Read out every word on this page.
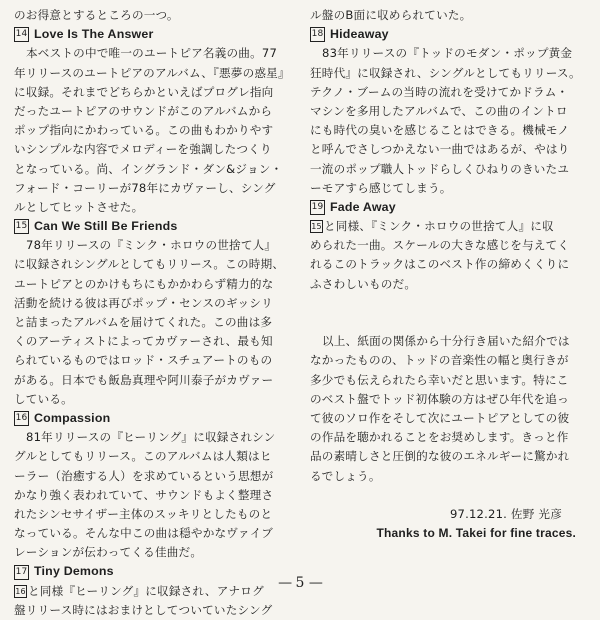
のお得意とするところの一つ。
14 Love Is The Answer
本ベストの中で唯一のユートピア名義の曲。77
年リリースのユートピアのアルバム、『悪夢の惑星』
に収録。それまでどちらかといえばプログレ指向
だったユートピアのサウンドがこのアルバムから
ポップ指向にかわっている。この曲もわかりやす
いシンプルな内容でメロディーを強調したつくり
となっている。尚、イングランド・ダン&ジョン・
フォード・コーリーが78年にカヴァーし、シング
ルとしてヒットさせた。
15 Can We Still Be Friends
78年リリースの『ミンク・ホロウの世捨て人』
に収録されシングルとしてもリリース。この時期、
ユートピアとのかけもちにもかかわらず精力的な
活動を続ける彼は再びポップ・センスのギッシリ
と詰まったアルバムを届けてくれた。この曲は多
くのアーティストによってカヴァーされ、最も知
られているものではロッド・スチュアートのもの
がある。日本でも飯島真理や阿川泰子がカヴァー
している。
16 Compassion
81年リリースの『ヒーリング』に収録されシン
グルとしてもリリース。このアルバムは人類はヒ
ーラー（治癒する人）を求めているという思想が
かなり強く表われていて、サウンドもよく整理さ
れたシンセサイザー主体のスッキリとしたものと
なっている。そんな中この曲は穏やかなヴァイブ
レーションが伝わってくる佳曲だ。
17 Tiny Demons
16 と同様『ヒーリング』に収録され、アナログ
盤リリース時にはおまけとしてついていたシング
ル盤のB面に収められていた。
18 Hideaway
83年リリースの『トッドのモダン・ポップ黄金
狂時代』に収録され、シングルとしてもリリース。
テクノ・ブームの当時の流れを受けてかドラム・
マシンを多用したアルバムで、この曲のイントロ
にも時代の臭いを感じることはできる。機械モノ
と呼んでさしつかえない一曲ではあるが、やはり
一流のポップ職人トッドらしくひねりのきいたユ
ーモアすら感じてしまう。
19 Fade Away
15 と同様、『ミンク・ホロウの世捨て人』に収
められた一曲。スケールの大きな感じを与えてく
れるこのトラックはこのベスト作の締めくくりに
ふさわしいものだ。
以上、紙面の関係から十分行き届いた紹介では
なかったものの、トッドの音楽性の幅と奥行きが
多少でも伝えられたら幸いだと思います。特にこ
のベスト盤でトッド初体験の方はぜひ年代を追っ
て彼のソロ作をそして次にユートピアとしての彼
の作品を聴かれることをお奨めします。きっと作
品の素晴しさと圧倒的な彼のエネルギーに驚かれ
るでしょう。
97.12.21. 佐野 光彦
Thanks to M. Takei for fine traces.
— 5 —
